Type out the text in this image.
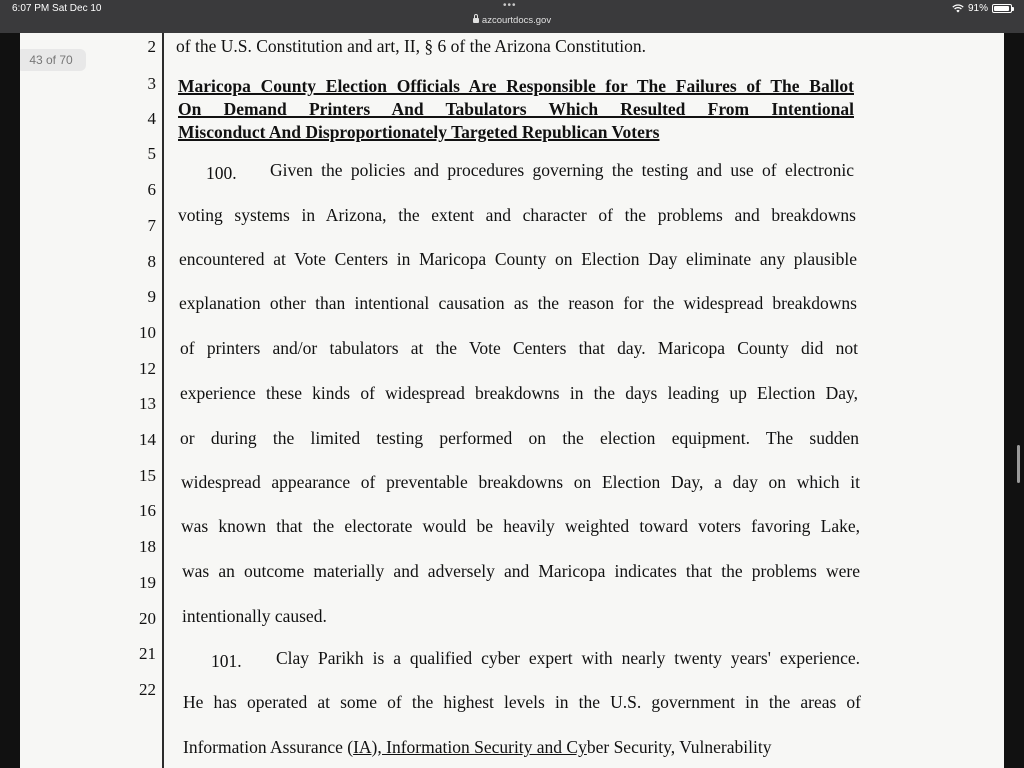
6:07 PM Sat Dec 10	•••
azcourtdocs.gov
91%
43 of 70
2
3
4
5
6
7
8
9
10
12
13
14
15
16
18
19
20
21
22
of the U.S. Constitution and art, II, § 6 of the Arizona Constitution.
Maricopa County Election Officials Are Responsible for The Failures of The Ballot
On Demand Printers And Tabulators Which Resulted From Intentional
Misconduct And Disproportionately Targeted Republican Voters
100. Given the policies and procedures governing the testing and use of electronic
voting systems in Arizona, the extent and character of the problems and breakdowns
encountered at Vote Centers in Maricopa County on Election Day eliminate any plausible
explanation other than intentional causation as the reason for the widespread breakdowns
of printers and/or tabulators at the Vote Centers that day. Maricopa County did not
experience these kinds of widespread breakdowns in the days leading up Election Day,
or during the limited testing performed on the election equipment. The sudden
widespread appearance of preventable breakdowns on Election Day, a day on which it
was known that the electorate would be heavily weighted toward voters favoring Lake,
was an outcome materially and adversely and Maricopa indicates that the problems were
intentionally caused.
101. Clay Parikh is a qualified cyber expert with nearly twenty years' experience.
He has operated at some of the highest levels in the U.S. government in the areas of
Information Assurance (IA), Information Security and Cyber Security, Vulnerability
